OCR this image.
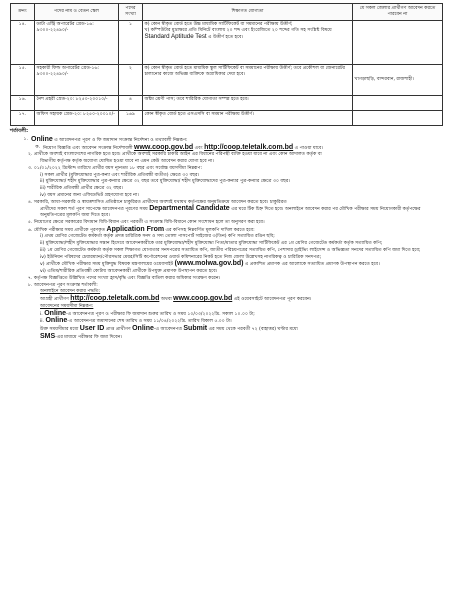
ক্রনং	পদের নাম ও বেতন স্কেল	পদের সংখ্যা	শিক্ষাগত যোগ্যতা	যে সকল জেলার প্রার্থীগণ আবেদন করতে পারবেন না
১৪.	ডাটা এন্ট্রি অপারেটর গ্রেড-১৬: ৯৩০০-২২৪৯০/-	১	ক) কোন স্বীকৃত বোর্ড হতে উচ্চ মাধ্যমিক সার্টিফিকেট বা সমমানের পরীক্ষায় উত্তীর্ণ;
খ) কম্পিউটার মুদ্রাক্ষরে প্রতি মিনিটে বাংলায় ২০ শব্দ এবং ইংরেজিতে ২০ শব্দের গতি সহ সংশ্লিষ্ট বিষয়ে Standard Aptitude Test এ উত্তীর্ণ হতে হবে।	

১৫.	সহকারী ফিল্ড অপারেটর গ্রেড-১৬: ৯৩০০-২২৪৯০/-	২	ক) কোন স্বীকৃত বোর্ড হতে মাধ্যমিক স্কুল সার্টিফিকেট বা সমমানের পরীক্ষায় উত্তীর্ণ; তবে প্রকৌশল বা জেনারেটর চালানোর কাজে অভিজ্ঞ ব্যক্তিকে অগ্রাধিকার দেয়া হবে।	খাগড়াছড়ি, বান্দরবান, রাজশাহী।
১৬.	নৈশ প্রহরী গ্রেড-২০: ৮২৫০-২০০১০/-	৪	অষ্টম শ্রেণী পাস; তবে শারিরিক যোগ্যতা সম্পন্ন হতে হবে।	
১৭.	অফিস সহায়ক গ্রেড-২০: ৮২৫০-২০০১০/-	১৬৯	কোন স্বীকৃত বোর্ড হতে এসএসসি বা সমমান পরীক্ষায় উত্তীর্ণ।	
শর্তাবলী:
১. Online এ আবেদনপত্র পূরণ ও ফি জমাদান সংক্রান্ত নির্দেশনা ও তথ্যাবলী নিম্নরূপ:
ক. নিয়োগ বিজ্ঞপ্তি এবং আবেদন সংক্রান্ত নির্দেশাবলী www.coop.gov.bd এবং http://coop.teletalk.com.bd এ পাওয়া যাবে।
২. প্রার্থীকে অবশ্যই বাংলাদেশের নাগরিক হতে হবে। প্রার্থীকে অবশ্যই সরকারি চাকরি আইন এর বিধানের পরিপন্থী ব্যক্তি হওয়া যাবে না এবং কোন আদালত কর্তৃক বা
বিভাগীয় কর্তৃপক্ষ কর্তৃক অযোগ্য ঘোষিত হওয়া যাবে না এমন কেউ আবেদন করার যোগ্য হবে না।
৩. ০১/০১/২০২২ খ্রিস্টাব্দ তারিখে প্রার্থীর বয়স ন্যূনতম ১৮ বছর এবং সর্বোচ্চ বয়সসীমা নিম্নরূপ:
i) সকল প্রার্থীর (মুক্তিযোদ্ধার পুত্র-কন্যা এবং শারীরিক প্রতিবন্ধী ব্যতীত) ক্ষেত্রে ৩০ বছর।
ii) মুক্তিযোদ্ধা/ শহীদ মুক্তিযোদ্ধার পুত্র-কন্যার ক্ষেত্রে ৩২ বছর তবে মুক্তিযোদ্ধা/ শহীদ মুক্তিযোদ্ধাদের পুত্র-কন্যার পুত্র-কন্যার ক্ষেত্রে ৩০ বছর।
iii) শারীরিক প্রতিবন্ধী প্রার্থীর ক্ষেত্রে ৩২ বছর।
iv) বয়স প্রমানের জন্য এফিডেভিট গ্রহণযোগ্য হবে না।
৪. সরকারি, আধা-সরকারি ও স্বায়ত্তশাসিত প্রতিষ্ঠানে চাকুরিরত প্রার্থীদের অবশ্যই যথাযথ কর্তৃপক্ষের অনুমতিক্রমে আবেদন করতে হবে। চাকুরিরত
প্রার্থীদের সকল শর্ত পূরণ সাপেক্ষে আবেদনপত্র পূরণের সময় Departmental Candidate এর ঘরে টিক চিহ্ন দিতে হবে। অনলাইনে আবেদন করার পর মৌখিক পরীক্ষার সময় নিয়োগকারী কর্তৃপক্ষের অনুমতিপত্রের মূলকপি জমা দিতে হবে।
৫. নিয়োগের ক্ষেত্রে সরকারের বিদ্যমান বিধি-বিধান এবং পরবর্তী এ সংক্রান্ত বিধি-বিধানে কোন সংশোধন হলে তা অনুসরণ করা হবে।
৬. মৌখিক পরীক্ষার সময় প্রার্থীকে পূরণকৃত Application From এর কপিসহ নিম্নবর্ণিত মূলকপি দাখিল করতে হবে:
i) প্রথম শ্রেণির গেজেটেড কর্মকর্তা কর্তৃক প্রদত্ত চারিত্রিক সনদ ও সদ্য তোলা পাসপোর্ট সাইজের ৩(তিন) কপি সত্যায়িত রঙিন ছবি;
ii) মুক্তিযোদ্ধা/শহীদ মুক্তিযোদ্ধার সন্তান হিসেবে আবেদনকারীকে তার মুক্তিযোদ্ধা/শহীদ মুক্তিযোদ্ধা পিতা/মাতার মুক্তিযোদ্ধা সার্টিফিকেট এর ১ম শ্রেণির গেজেটেড কর্মকর্তা কর্তৃক সত্যায়িত কপি;
iii) ১ম শ্রেণির গেজেটেড কর্মকর্তা কর্তৃক সকল শিক্ষাগত যোগ্যতার সনদপত্রের সত্যায়িত কপি, জাতীয় পরিচয়পত্রের সত্যায়িত কপি, পেশাদার ড্রাইভিং লাইসেন্স ও অভিজ্ঞতা সনদের সত্যায়িত কপি জমা দিতে হবে;
iv) ইউনিয়ন পরিষদের চেয়ারম্যান/পৌরসভার মেয়র/সিটি কর্পোরেশনের ওয়ার্ড কমিশনারের নিকট হতে নিজ জেলা উল্লেখসহ নাগরিকত্ব ও চারিত্রিক সনদপত্র;
v) প্রার্থীকে মৌখিক পরীক্ষার সময় মুক্তিযুদ্ধ বিষয়ক মন্ত্রণালয়ের ওয়েবসাইট (www.molwa.gov.bd) এ প্রকাশিত প্রমাণক এর আলোকে সত্যায়িত প্রমাণক উপস্থাপন করতে হবে।
vi) এতিম/শারীরিক প্রতিবন্ধী কোটায় আবেদনকারী প্রার্থীকে উপযুক্ত প্রমাণক উপস্থাপন করতে হবে।
৭. কর্তৃপক্ষ বিজ্ঞপ্তিতে উল্লিখিত পদের সংখ্যা হ্রাস/বৃদ্ধি এবং বিজ্ঞপ্তি বাতিল করার অধিকার সংরক্ষণ করেন।
৮. আবেদনপত্র পূরণ সংক্রান্ত শর্তাবলী:
অনলাইনে আবেদন করার পদ্ধতি:
আগ্রহী প্রার্থীগণ http://coop.teletalk.com.bd অথবা www.coop.gov.bd এই ওয়েবসাইটে আবেদনপত্র পূরণ করবেন।
আবেদনের সময়সীমা নিম্নরূপ:
i. Online-এ আবেদনপত্র পূরণ ও পরীক্ষার ফি জমাদান শুরুর তারিখ ও সময় ১০/০৩/২০২২খ্রি. সকাল ১০.০০ টা;
ii. Online-এ আবেদনপত্র জমাদানের শেষ তারিখ ও সময় ১১/০৪/২০২২খ্রি. তারিখ বিকাল ৫.০০ টা।
উক্ত সময়সীমার মধ্যে User ID প্রাপ্ত প্রার্থীগণ Online-এ আবেদনপত্র Submit এর সময় থেকে পরবর্তী ৭২ (বাহাত্তর) ঘণ্টার মধ্যে
SMS-এর মাধ্যমে পরীক্ষার ফি জমা দিবেন।
